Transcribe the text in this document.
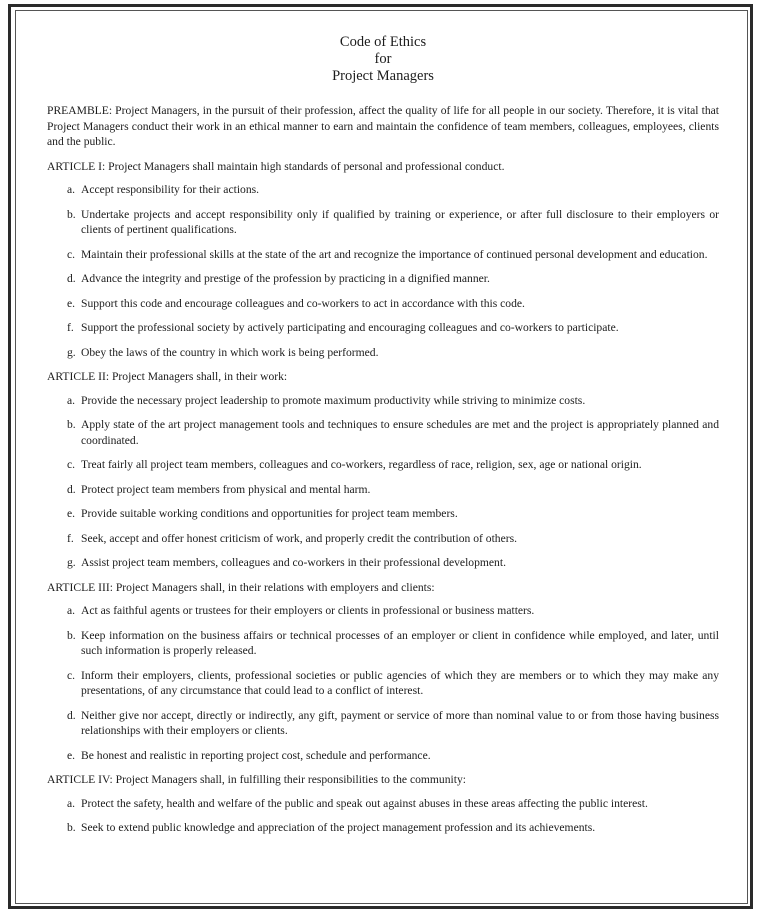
Code of Ethics
for
Project Managers

PREAMBLE: Project Managers, in the pursuit of their profession, affect the quality of life for all people in our society. Therefore, it is vital that Project Managers conduct their work in an ethical manner to earn and maintain the confidence of team members, colleagues, employees, clients and the public.

ARTICLE I: Project Managers shall maintain high standards of personal and professional conduct.

a. Accept responsibility for their actions.
b. Undertake projects and accept responsibility only if qualified by training or experience, or after full disclosure to their employers or clients of pertinent qualifications.
c. Maintain their professional skills at the state of the art and recognize the importance of continued personal development and education.
d. Advance the integrity and prestige of the profession by practicing in a dignified manner.
e. Support this code and encourage colleagues and co-workers to act in accordance with this code.
f. Support the professional society by actively participating and encouraging colleagues and co-workers to participate.
g. Obey the laws of the country in which work is being performed.

ARTICLE II: Project Managers shall, in their work:

a. Provide the necessary project leadership to promote maximum productivity while striving to minimize costs.
b. Apply state of the art project management tools and techniques to ensure schedules are met and the project is appropriately planned and coordinated.
c. Treat fairly all project team members, colleagues and co-workers, regardless of race, religion, sex, age or national origin.
d. Protect project team members from physical and mental harm.
e. Provide suitable working conditions and opportunities for project team members.
f. Seek, accept and offer honest criticism of work, and properly credit the contribution of others.
g. Assist project team members, colleagues and co-workers in their professional development.

ARTICLE III: Project Managers shall, in their relations with employers and clients:

a. Act as faithful agents or trustees for their employers or clients in professional or business matters.
b. Keep information on the business affairs or technical processes of an employer or client in confidence while employed, and later, until such information is properly released.
c. Inform their employers, clients, professional societies or public agencies of which they are members or to which they may make any presentations, of any circumstance that could lead to a conflict of interest.
d. Neither give nor accept, directly or indirectly, any gift, payment or service of more than nominal value to or from those having business relationships with their employers or clients.
e. Be honest and realistic in reporting project cost, schedule and performance.

ARTICLE IV: Project Managers shall, in fulfilling their responsibilities to the community:

a. Protect the safety, health and welfare of the public and speak out against abuses in these areas affecting the public interest.
b. Seek to extend public knowledge and appreciation of the project management profession and its achievements.
